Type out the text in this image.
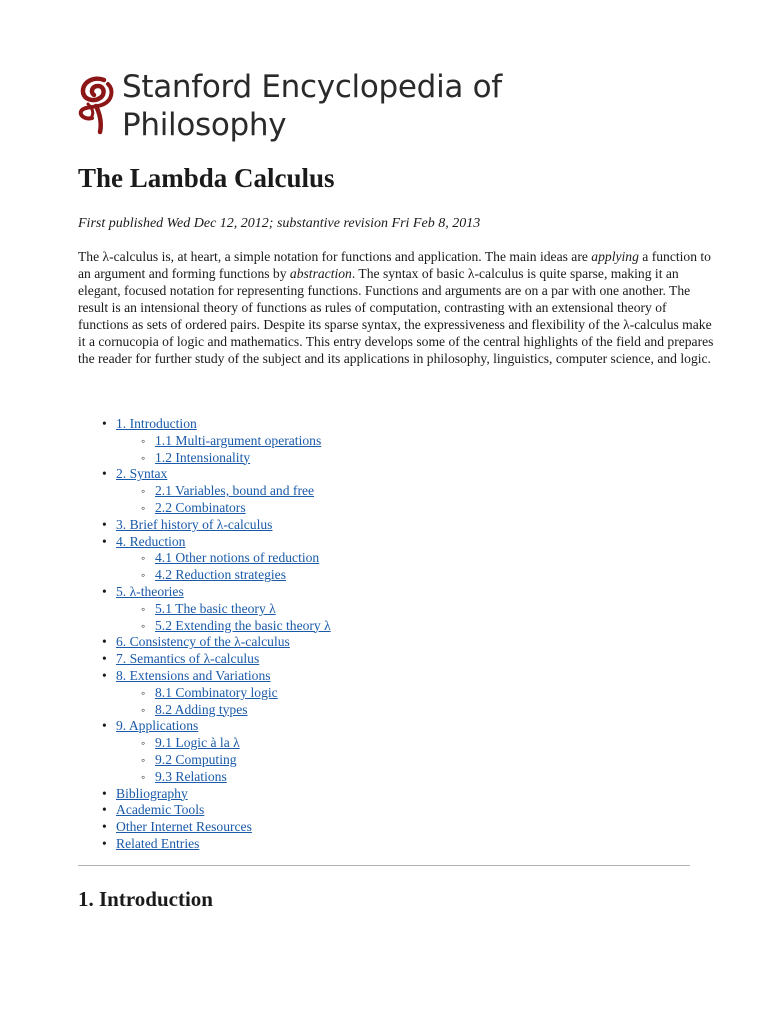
Stanford Encyclopedia of
Philosophy
The Lambda Calculus

First published Wed Dec 12, 2012; substantive revision Fri Feb 8, 2013

The λ-calculus is, at heart, a simple notation for functions and application. The main ideas are applying a function to an argument and forming functions by abstraction. The syntax of basic λ-calculus is quite sparse, making it an elegant, focused notation for representing functions. Functions and arguments are on a par with one another. The result is an intensional theory of functions as rules of computation, contrasting with an extensional theory of functions as sets of ordered pairs. Despite its sparse syntax, the expressiveness and flexibility of the λ-calculus make it a cornucopia of logic and mathematics. This entry develops some of the central highlights of the field and prepares the reader for further study of the subject and its applications in philosophy, linguistics, computer science, and logic.

• 1. Introduction
◦ 1.1 Multi-argument operations
◦ 1.2 Intensionality
• 2. Syntax
◦ 2.1 Variables, bound and free
◦ 2.2 Combinators
• 3. Brief history of λ-calculus
• 4. Reduction
◦ 4.1 Other notions of reduction
◦ 4.2 Reduction strategies
• 5. λ-theories
◦ 5.1 The basic theory λ
◦ 5.2 Extending the basic theory λ
• 6. Consistency of the λ-calculus
• 7. Semantics of λ-calculus
• 8. Extensions and Variations
◦ 8.1 Combinatory logic
◦ 8.2 Adding types
• 9. Applications
◦ 9.1 Logic à la λ
◦ 9.2 Computing
◦ 9.3 Relations
• Bibliography
• Academic Tools
• Other Internet Resources
• Related Entries
1. Introduction
